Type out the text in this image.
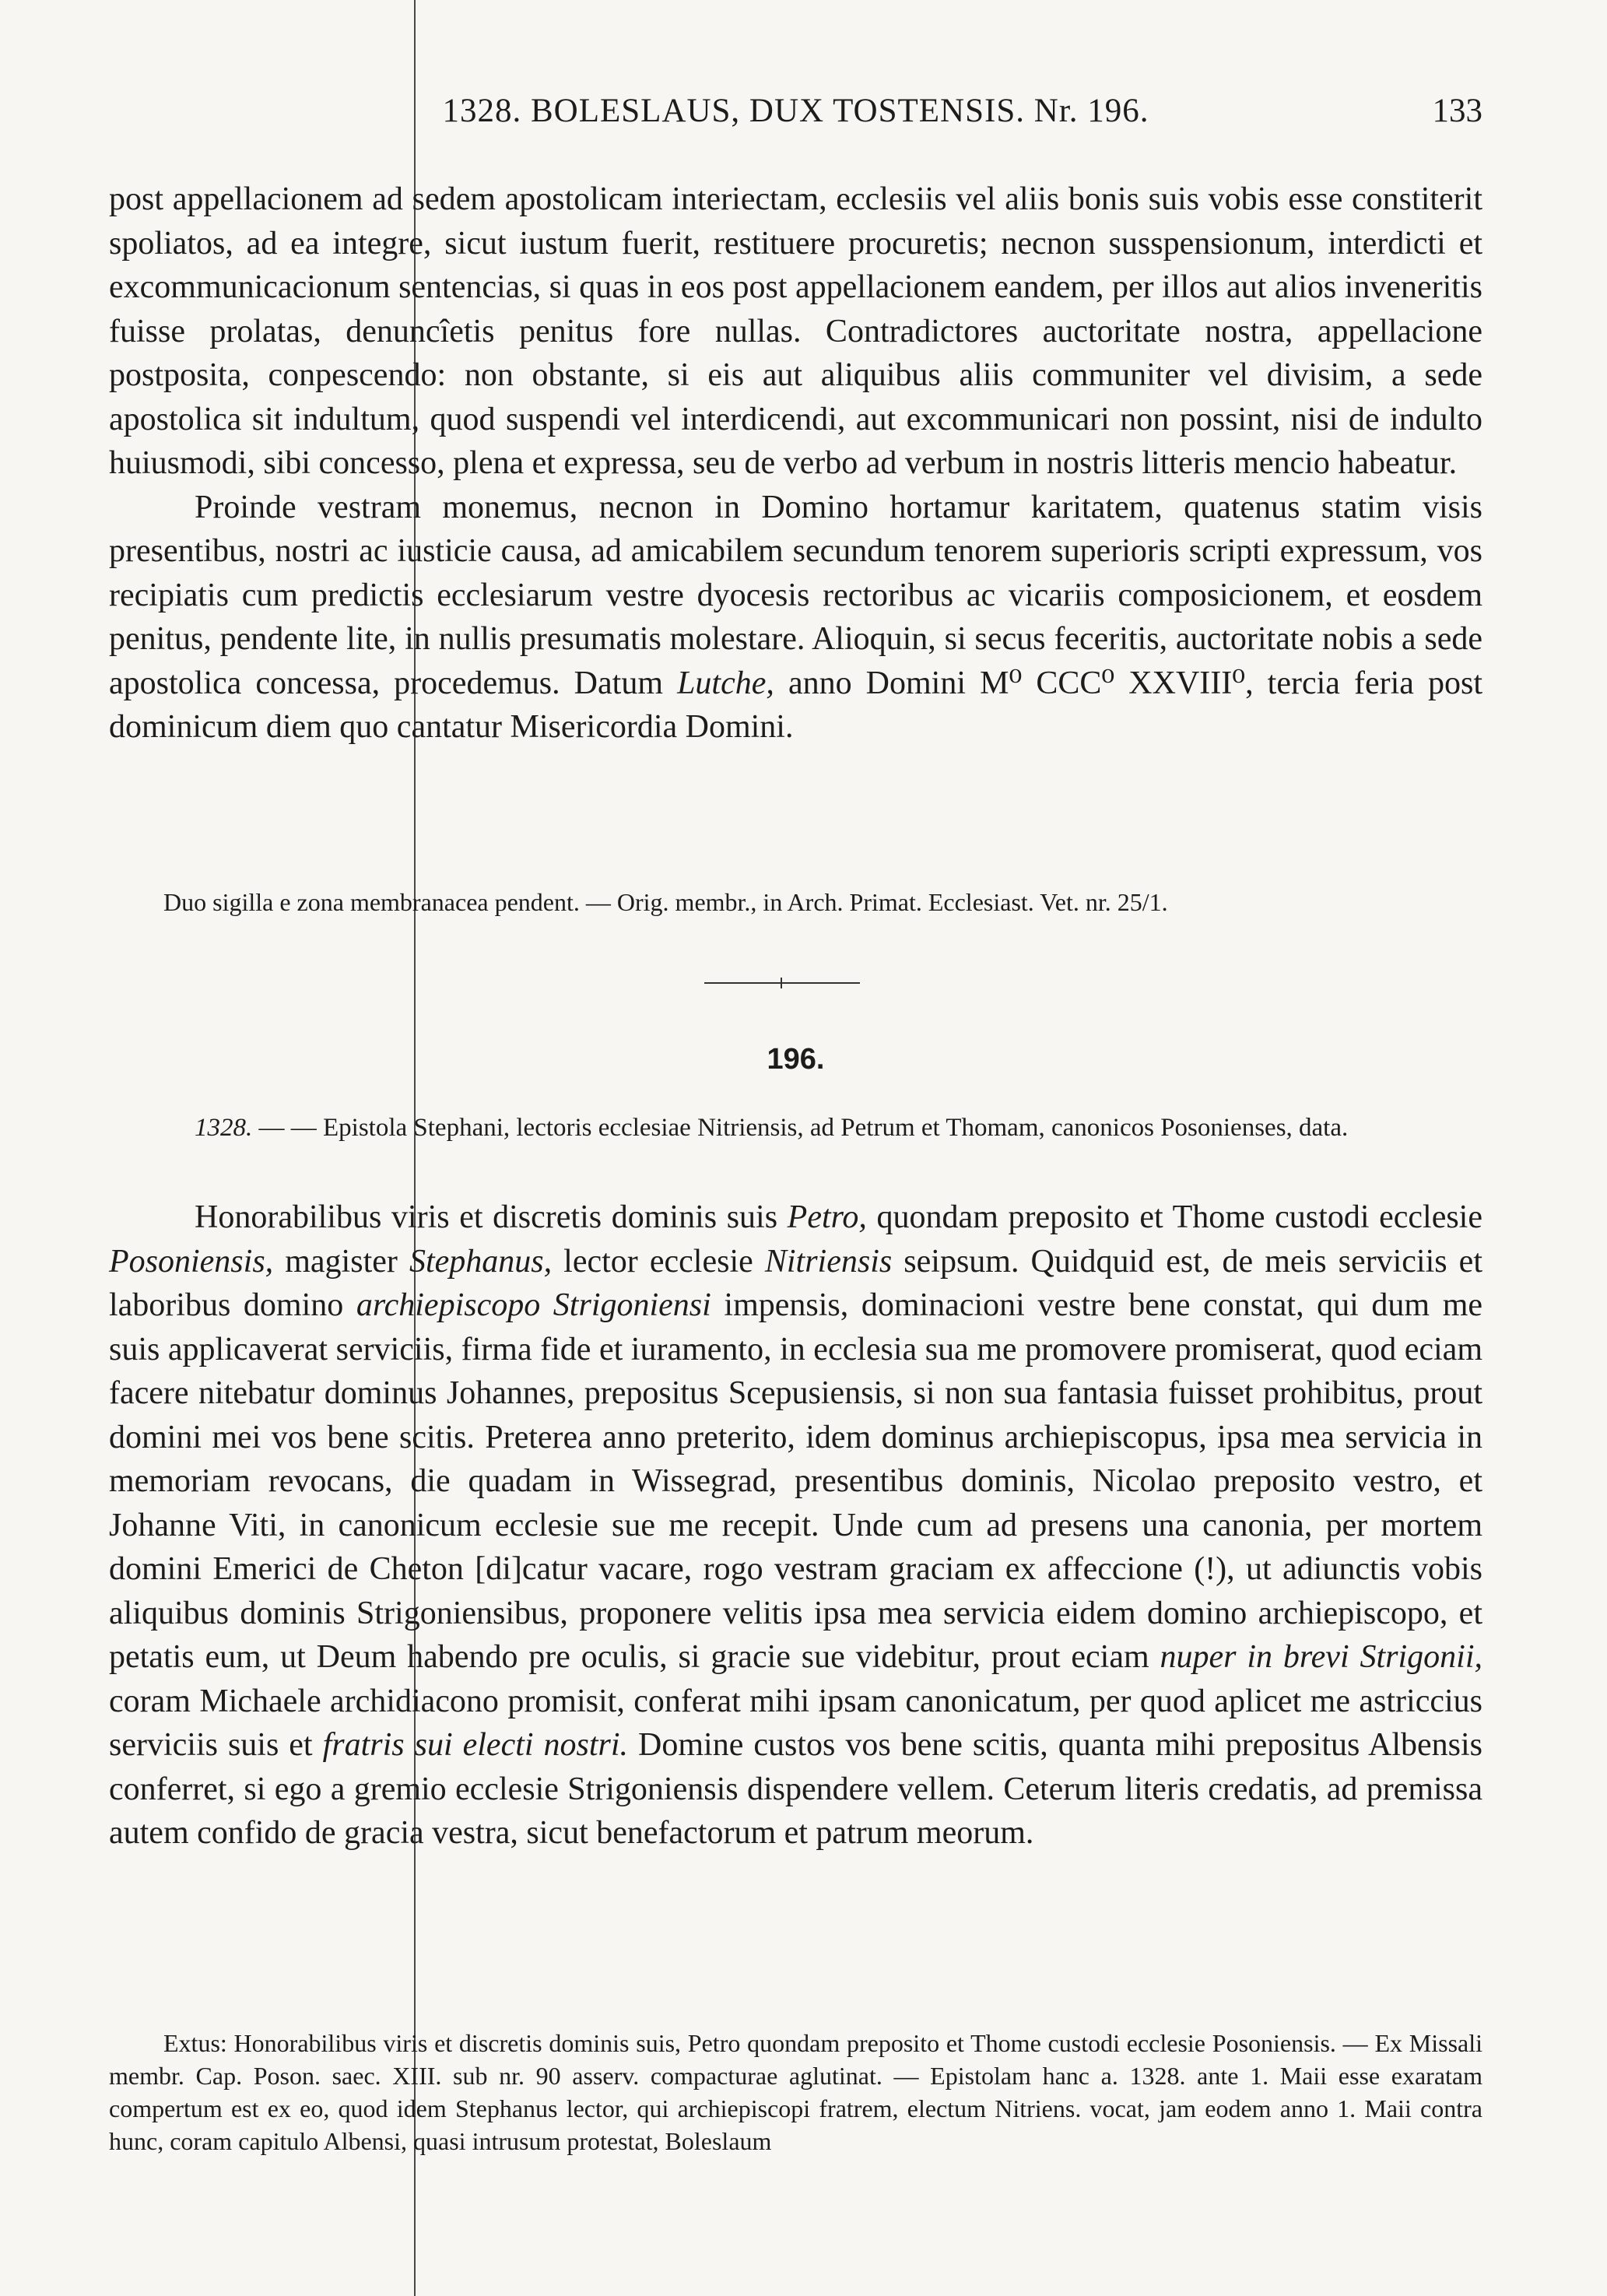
1328. BOLESLAUS, DUX TOSTENSIS. Nr. 196.	133

post appellacionem ad sedem apostolicam interiectam, ecclesiis vel aliis bonis suis vobis esse constiterit spoliatos, ad ea integre, sicut iustum fuerit, restituere procuretis; necnon susspensionum, interdicti et excommunicacionum sentencias, si quas in eos post appellacionem eandem, per illos aut alios inveneritis fuisse prolatas, denuncîetis penitus fore nullas. Contradictores auctoritate nostra, appellacione postposita, conpescendo: non obstante, si eis aut aliquibus aliis communiter vel divisim, a sede apostolica sit indultum, quod suspendi vel interdicendi, aut excommunicari non possint, nisi de indulto huiusmodi, sibi concesso, plena et expressa, seu de verbo ad verbum in nostris litteris mencio habeatur.

Proinde vestram monemus, necnon in Domino hortamur karitatem, quatenus statim visis presentibus, nostri ac iusticie causa, ad amicabilem secundum tenorem superioris scripti expressum, vos recipiatis cum predictis ecclesiarum vestre dyocesis rectoribus ac vicariis composicionem, et eosdem penitus, pendente lite, in nullis presumatis molestare. Alioquin, si secus feceritis, auctoritate nobis a sede apostolica concessa, procedemus. Datum Lutche, anno Domini M⁰ CCC⁰ XXVIII⁰, tercia feria post dominicum diem quo cantatur Misericordia Domini.

Duo sigilla e zona membranacea pendent. — Orig. membr., in Arch. Primat. Ecclesiast. Vet. nr. 25/1.

196.

1328. — — Epistola Stephani, lectoris ecclesiae Nitriensis, ad Petrum et Thomam, canonicos Posonienses, data.

Honorabilibus viris et discretis dominis suis Petro, quondam preposito et Thome custodi ecclesie Posoniensis, magister Stephanus, lector ecclesie Nitriensis seipsum. Quidquid est, de meis serviciis et laboribus domino archiepiscopo Strigoniensi impensis, dominacioni vestre bene constat, qui dum me suis applicaverat serviciis, firma fide et iuramento, in ecclesia sua me promovere promiserat, quod eciam facere nitebatur dominus Johannes, prepositus Scepusiensis, si non sua fantasia fuisset prohibitus, prout domini mei vos bene scitis. Preterea anno preterito, idem dominus archiepiscopus, ipsa mea servicia in memoriam revocans, die quadam in Wissegrad, presentibus dominis, Nicolao preposito vestro, et Johanne Viti, in canonicum ecclesie sue me recepit. Unde cum ad presens una canonia, per mortem domini Emerici de Cheton [di]catur vacare, rogo vestram graciam ex affeccione (!), ut adiunctis vobis aliquibus dominis Strigoniensibus, proponere velitis ipsa mea servicia eidem domino archiepiscopo, et petatis eum, ut Deum habendo pre oculis, si gracie sue videbitur, prout eciam nuper in brevi Strigonii, coram Michaele archidiacono promisit, conferat mihi ipsam canonicatum, per quod aplicet me astriccius serviciis suis et fratris sui electi nostri. Domine custos vos bene scitis, quanta mihi prepositus Albensis conferret, si ego a gremio ecclesie Strigoniensis dispendere vellem. Ceterum literis credatis, ad premissa autem confido de gracia vestra, sicut benefactorum et patrum meorum.

Extus: Honorabilibus viris et discretis dominis suis, Petro quondam preposito et Thome custodi ecclesie Posoniensis. — Ex Missali membr. Cap. Poson. saec. XIII. sub nr. 90 asserv. compacturae aglutinat. — Epistolam hanc a. 1328. ante 1. Maii esse exaratam compertum est ex eo, quod idem Stephanus lector, qui archiepiscopi fratrem, electum Nitriens. vocat, jam eodem anno 1. Maii contra hunc, coram capitulo Albensi, quasi intrusum protestat, Boleslaum
